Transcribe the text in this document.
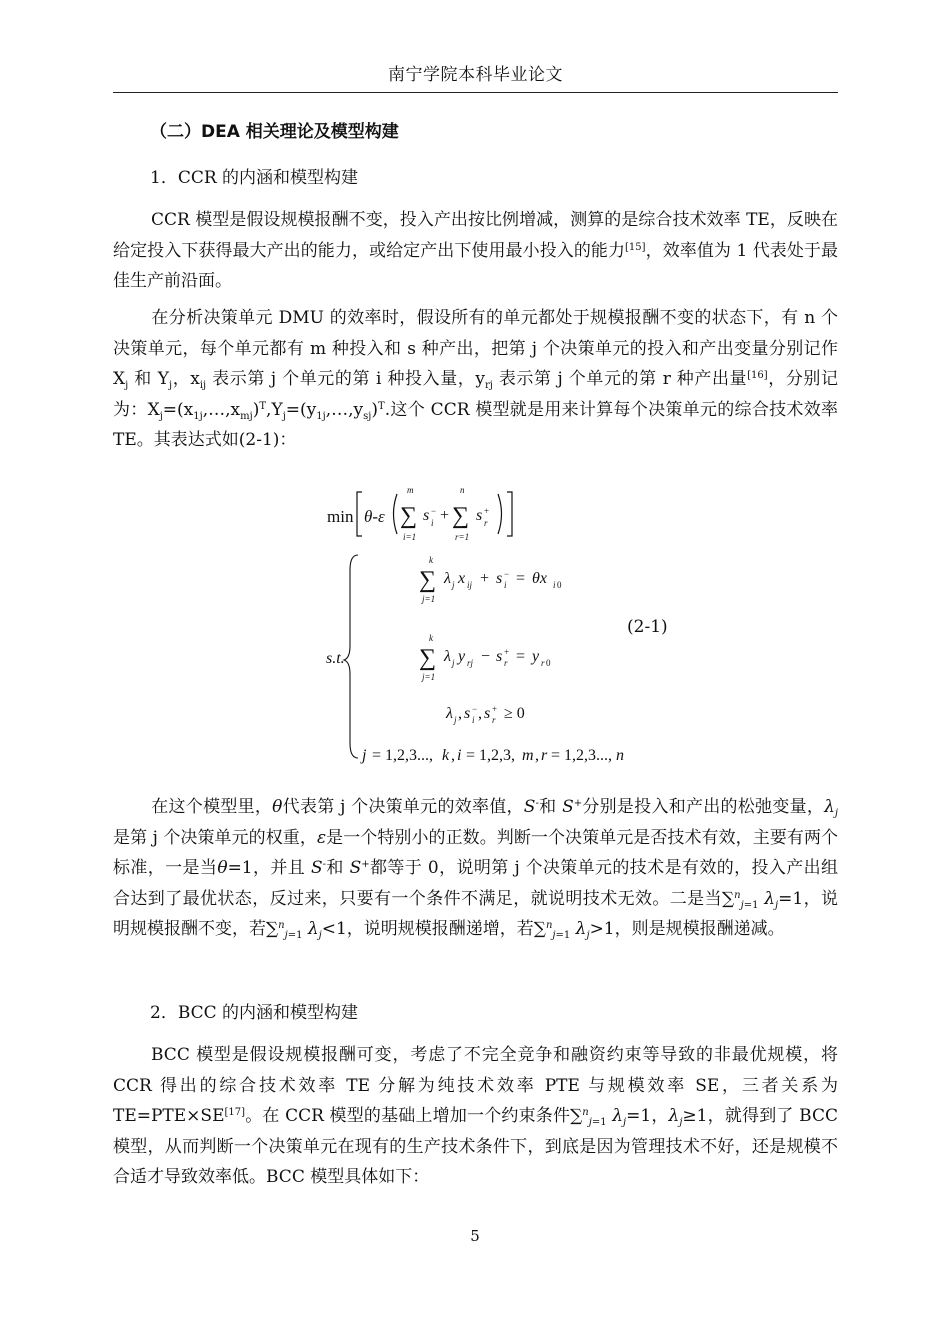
南宁学院本科毕业论文
（二）DEA 相关理论及模型构建
1．CCR 的内涵和模型构建

CCR 模型是假设规模报酬不变，投入产出按比例增减，测算的是综合技术效率 TE，反映在给定投入下获得最大产出的能力，或给定产出下使用最小投入的能力[15]，效率值为 1 代表处于最佳生产前沿面。

在分析决策单元 DMU 的效率时，假设所有的单元都处于规模报酬不变的状态下，有 n 个决策单元，每个单元都有 m 种投入和 s 种产出，把第 j 个决策单元的投入和产出变量分别记作 $X_j$ 和 $Y_j$，$x_{ij}$ 表示第 j 个单元的第 i 种投入量，$y_{rj}$ 表示第 j 个单元的第 r 种产出量[16]，分别记为：$X_j=(x_{1j},\dots,x_{mj})^T,Y_j=(y_{1j},\dots,y_{sj})^T$.这个 CCR 模型就是用来计算每个决策单元的综合技术效率 TE。其表达式如(2-1)：

min θ-ε
m
∑
i=1
s −
i +
n
∑
r=1
s +
r
s.t.
k
∑
j=1
λ j x ij + s −
i = θx i 0
k
∑
j=1
λ j y rj − s +
r = y r 0
λ j , s −
i , s +
r ≥ 0
j = 1,2,3..., k , i = 1,2,3, m , r = 1,2,3..., n
(2-1)

在这个模型里，θ代表第 j 个决策单元的效率值，S-和 S+分别是投入和产出的松弛变量，$\lambda_j$是第 j 个决策单元的权重，ε是一个特别小的正数。判断一个决策单元是否技术有效，主要有两个标准，一是当θ=1，并且 S-和 S+都等于 0，说明第 j 个决策单元的技术是有效的，投入产出组合达到了最优状态，反过来，只要有一个条件不满足，就说明技术无效。二是当∑$^n_{j=1}$ $\lambda_j=1$，说明规模报酬不变，若∑$^n_{j=1}$ $\lambda_j<1$，说明规模报酬递增，若∑$^n_{j=1}$ $\lambda_j>1$，则是规模报酬递减。

2．BCC 的内涵和模型构建

BCC 模型是假设规模报酬可变，考虑了不完全竞争和融资约束等导致的非最优规模，将 CCR 得出的综合技术效率 TE 分解为纯技术效率 PTE 与规模效率 SE，三者关系为 TE=PTE×SE[17]。在 CCR 模型的基础上增加一个约束条件∑$^n_{j=1}$ $\lambda_j=1$，$\lambda_j\ge 1$，就得到了 BCC 模型，从而判断一个决策单元在现有的生产技术条件下，到底是因为管理技术不好，还是规模不合适才导致效率低。BCC 模型具体如下：

5
